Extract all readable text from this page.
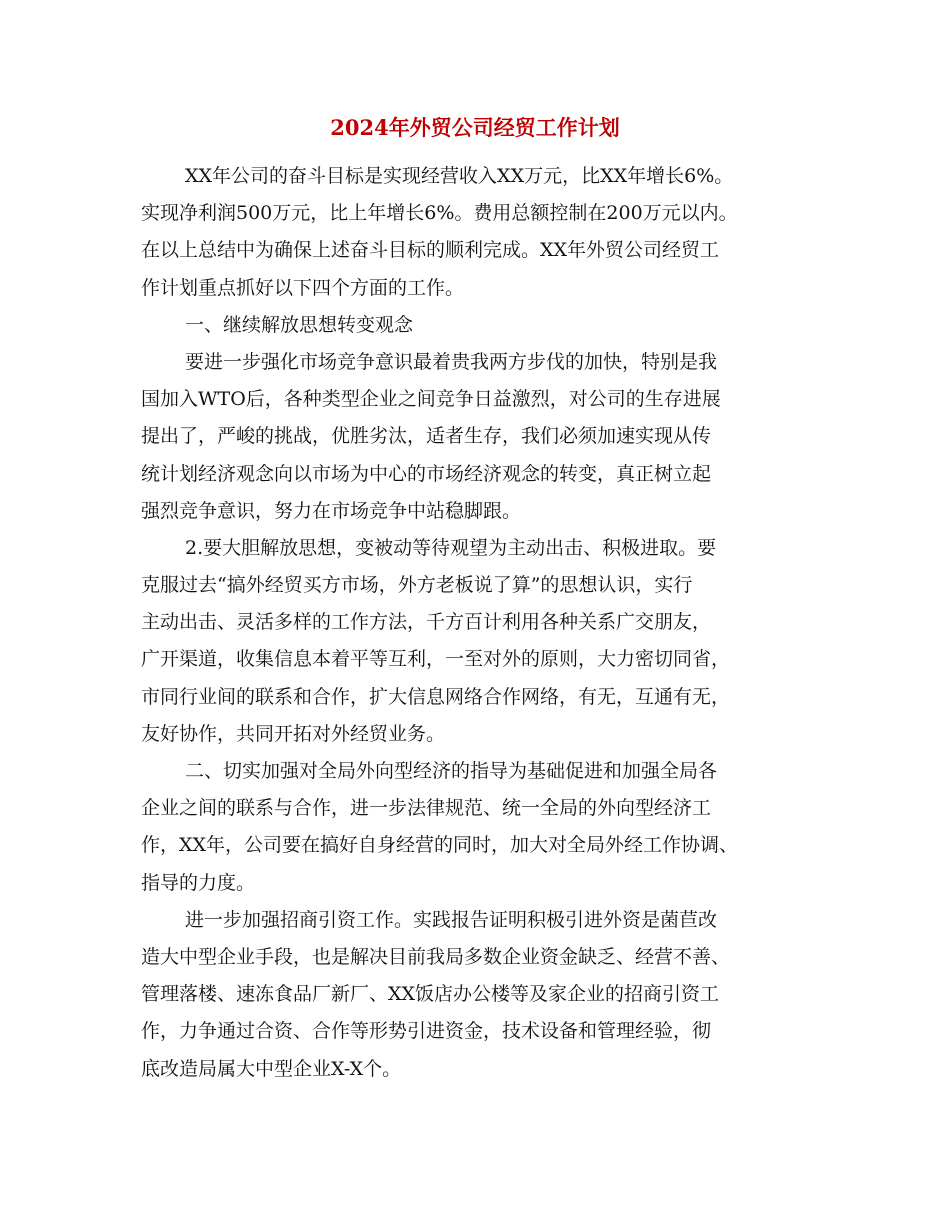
2024年外贸公司经贸工作计划

XX年公司的奋斗目标是实现经营收入XX万元，比XX年增长6%。
实现净利润500万元，比上年增长6%。费用总额控制在200万元以内。
在以上总结中为确保上述奋斗目标的顺利完成。XX年外贸公司经贸工
作计划重点抓好以下四个方面的工作。

一、继续解放思想转变观念

要进一步强化市场竞争意识最着贵我两方步伐的加快，特别是我
国加入WTO后，各种类型企业之间竞争日益激烈，对公司的生存进展
提出了，严峻的挑战，优胜劣汰，适者生存，我们必须加速实现从传
统计划经济观念向以市场为中心的市场经济观念的转变，真正树立起
强烈竞争意识，努力在市场竞争中站稳脚跟。

2.要大胆解放思想，变被动等待观望为主动出击、积极进取。要
克服过去“搞外经贸买方市场，外方老板说了算”的思想认识，实行
主动出击、灵活多样的工作方法，千方百计利用各种关系广交朋友，
广开渠道，收集信息本着平等互利，一至对外的原则，大力密切同省，
市同行业间的联系和合作，扩大信息网络合作网络，有无，互通有无，
友好协作，共同开拓对外经贸业务。

二、切实加强对全局外向型经济的指导为基础促进和加强全局各
企业之间的联系与合作，进一步法律规范、统一全局的外向型经济工
作，XX年，公司要在搞好自身经营的同时，加大对全局外经工作协调、
指导的力度。

进一步加强招商引资工作。实践报告证明积极引进外资是菌苣改
造大中型企业手段，也是解决目前我局多数企业资金缺乏、经营不善、
管理落楼、速冻食品厂新厂、XX饭店办公楼等及家企业的招商引资工
作，力争通过合资、合作等形势引进资金，技术设备和管理经验，彻
底改造局属大中型企业X-X个。
